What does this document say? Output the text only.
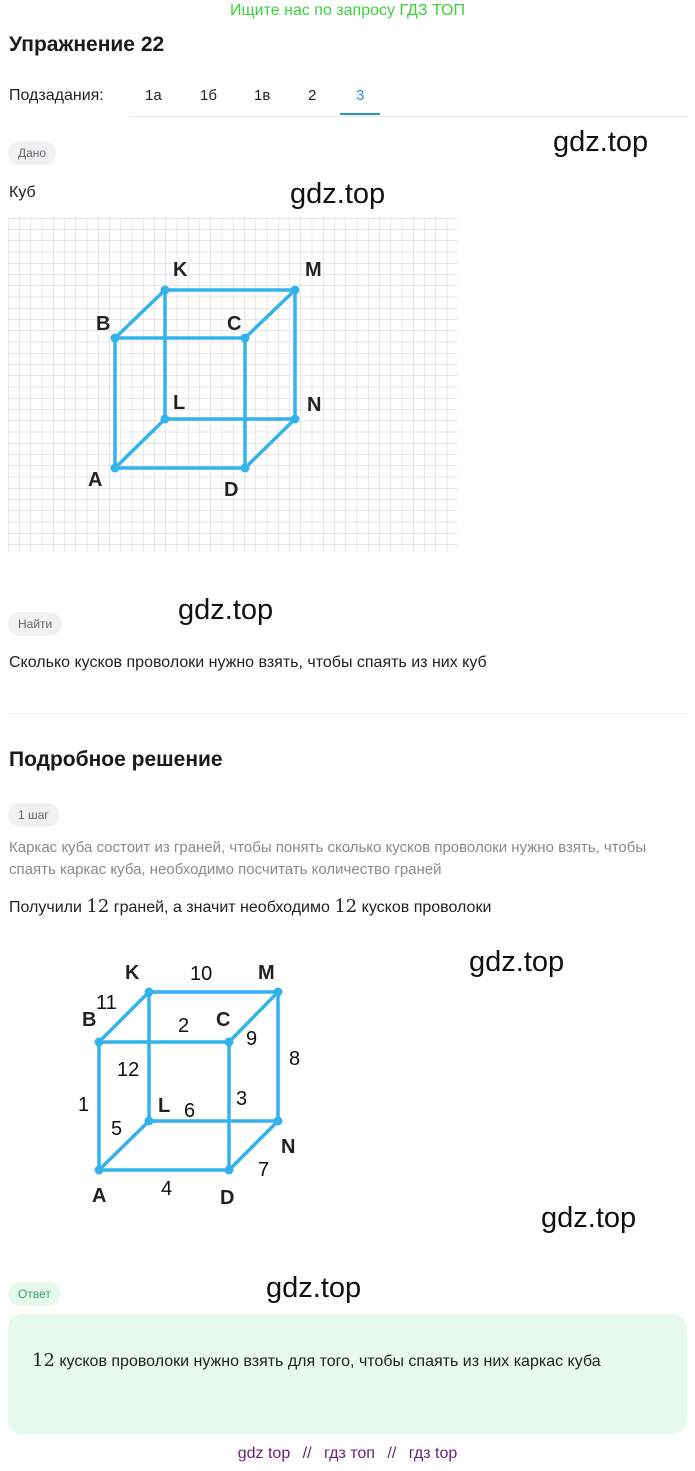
Ищите нас по запросу ГДЗ ТОП
Упражнение 22
Подзадания:	1а	1б 1в	2	3
Дано	gdz.top
Куб	gdz.top
K	M
B	C
L	N
A	D
gdz.top
Найти
Сколько кусков проволоки нужно взять, чтобы спаять из них куб
Подробное решение
1 шаг
Каркас куба состоит из граней, чтобы понять сколько кусков проволоки нужно взять, чтобы спаять каркас куба, необходимо посчитать количество граней
Получили 12 граней, а значит необходимо 12 кусков проволоки
gdz.top
K	M
B	C
L
N
A	D
1
2
3
4
5
6
7
8
9
10
11
12
gdz.top
Ответ	gdz.top
12 кусков проволоки нужно взять для того, чтобы спаять из них каркас куба
gdz top // гдз топ // гдз top
